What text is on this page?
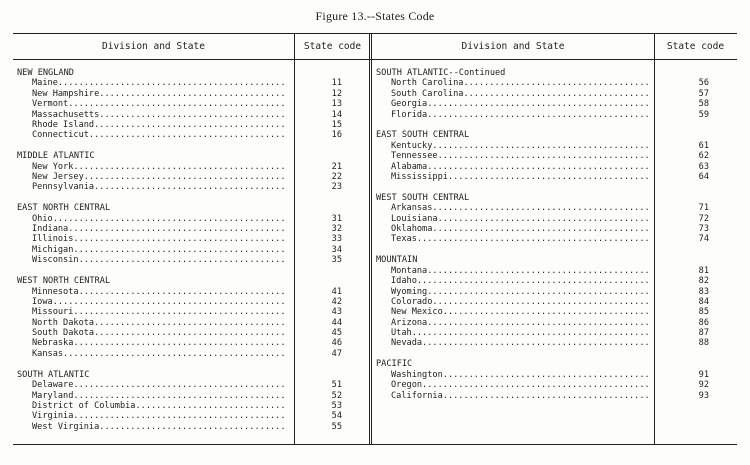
Figure 13.--States Code
Division and State	State code	Division and State	State code
NEW ENGLAND
Maine .....	11
New Hampshire .....	12
Vermont .....	13
Massachusetts .....	14
Rhode Island .....	15
Connecticut .....	16
MIDDLE ATLANTIC
New York .....	21
New Jersey .....	22
Pennsylvania .....	23
EAST NORTH CENTRAL
Ohio .....	31
Indiana .....	32
Illinois .....	33
Michigan .....	34
Wisconsin .....	35
WEST NORTH CENTRAL
Minnesota .....	41
Iowa .....	42
Missouri .....	43
North Dakota .....	44
South Dakota .....	45
Nebraska .....	46
Kansas .....	47
SOUTH ATLANTIC
Delaware .....	51
Maryland .....	52
District of Columbia .....	53
Virginia .....	54
West Virginia .....	55
SOUTH ATLANTIC--Continued
North Carolina .....	56
South Carolina .....	57
Georgia .....	58
Florida .....	59
EAST SOUTH CENTRAL
Kentucky .....	61
Tennessee .....	62
Alabama .....	63
Mississippi .....	64
WEST SOUTH CENTRAL
Arkansas .....	71
Louisiana .....	72
Oklahoma .....	73
Texas .....	74
MOUNTAIN
Montana .....	81
Idaho .....	82
Wyoming .....	83
Colorado .....	84
New Mexico .....	85
Arizona .....	86
Utah .....	87
Nevada .....	88
PACIFIC
Washington .....	91
Oregon .....	92
California .....	93
